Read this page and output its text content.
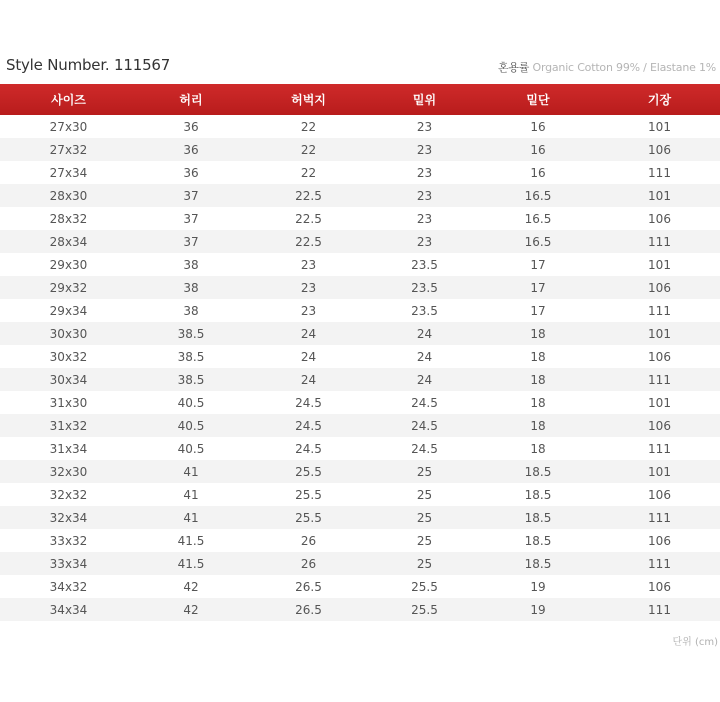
Style Number. 111567	혼용률 Organic Cotton 99% / Elastane 1%
사이즈	허리	허벅지	밑위	밑단	기장
27x30	36	22	23	16	101
27x32	36	22	23	16	106
27x34	36	22	23	16	111
28x30	37	22.5	23	16.5	101
28x32	37	22.5	23	16.5	106
28x34	37	22.5	23	16.5	111
29x30	38	23	23.5	17	101
29x32	38	23	23.5	17	106
29x34	38	23	23.5	17	111
30x30	38.5	24	24	18	101
30x32	38.5	24	24	18	106
30x34	38.5	24	24	18	111
31x30	40.5	24.5	24.5	18	101
31x32	40.5	24.5	24.5	18	106
31x34	40.5	24.5	24.5	18	111
32x30	41	25.5	25	18.5	101
32x32	41	25.5	25	18.5	106
32x34	41	25.5	25	18.5	111
33x32	41.5	26	25	18.5	106
33x34	41.5	26	25	18.5	111
34x32	42	26.5	25.5	19	106
34x34	42	26.5	25.5	19	111
단위 (cm)
